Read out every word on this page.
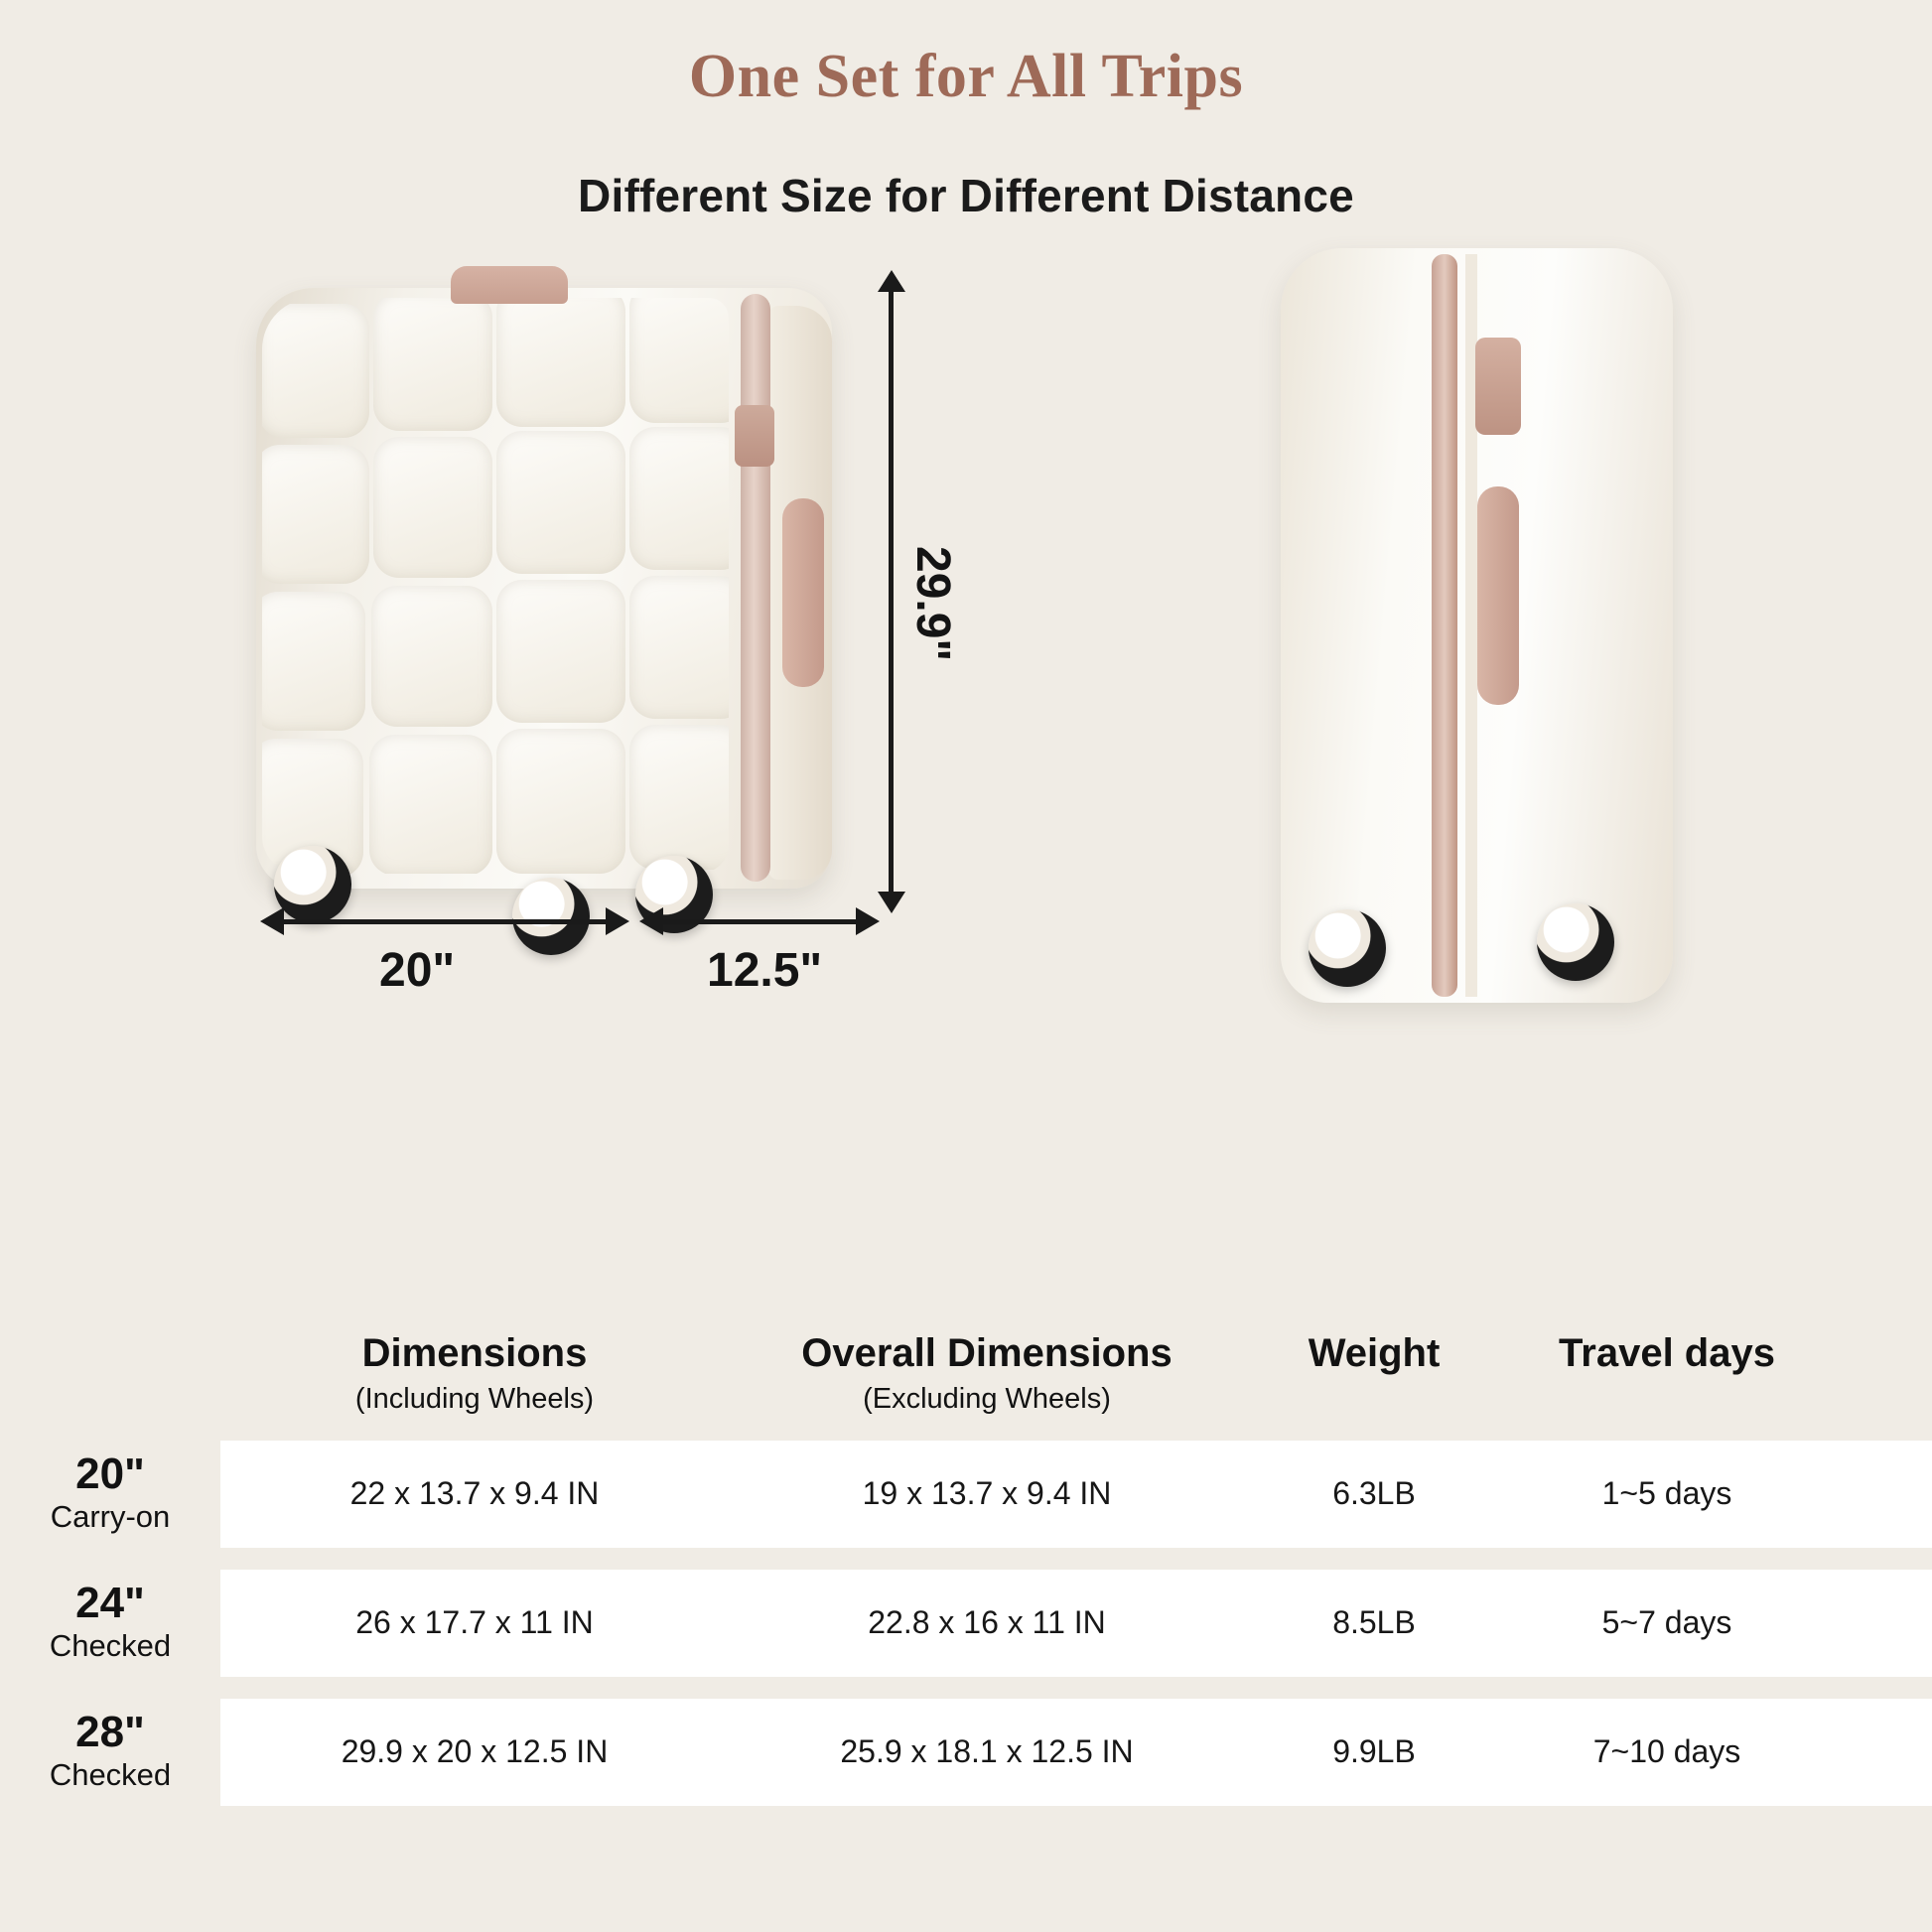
One Set for All Trips
Different Size for Different Distance
29.9"
20"	12.5"
Dimensions
(Including Wheels)
Overall Dimensions
(Excluding Wheels)
Weight	Travel days
20"
Carry-on
22 x 13.7 x 9.4 IN	19 x 13.7 x 9.4 IN	6.3LB	1~5 days
24"
Checked
26 x 17.7 x 11 IN	22.8 x 16 x 11 IN	8.5LB	5~7 days
28"
Checked
29.9 x 20 x 12.5 IN	25.9 x 18.1 x 12.5 IN	9.9LB	7~10 days
